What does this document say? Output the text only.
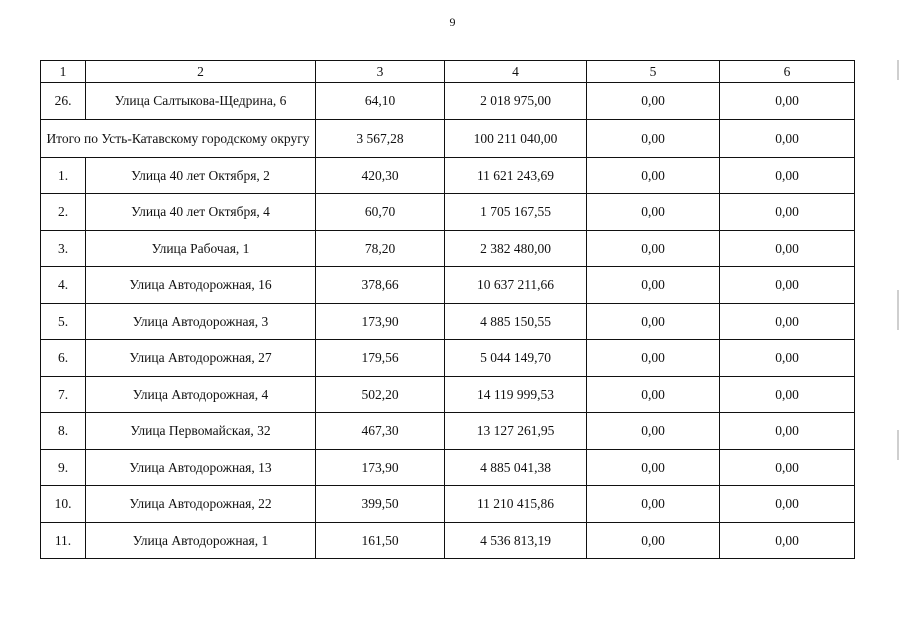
9
1	2	3	4	5	6
26.	Улица Салтыкова-Щедрина, 6	64,10	2 018 975,00	0,00	0,00
Итого по Усть-Катавскому городскому округу		3 567,28	100 211 040,00	0,00	0,00
1.	Улица 40 лет Октября, 2	420,30	11 621 243,69	0,00	0,00
2.	Улица 40 лет Октября, 4	60,70	1 705 167,55	0,00	0,00
3.	Улица Рабочая, 1	78,20	2 382 480,00	0,00	0,00
4.	Улица Автодорожная, 16	378,66	10 637 211,66	0,00	0,00
5.	Улица Автодорожная, 3	173,90	4 885 150,55	0,00	0,00
6.	Улица Автодорожная, 27	179,56	5 044 149,70	0,00	0,00
7.	Улица Автодорожная, 4	502,20	14 119 999,53	0,00	0,00
8.	Улица Первомайская, 32	467,30	13 127 261,95	0,00	0,00
9.	Улица Автодорожная, 13	173,90	4 885 041,38	0,00	0,00
10.	Улица Автодорожная, 22	399,50	11 210 415,86	0,00	0,00
11.	Улица Автодорожная, 1	161,50	4 536 813,19	0,00	0,00
